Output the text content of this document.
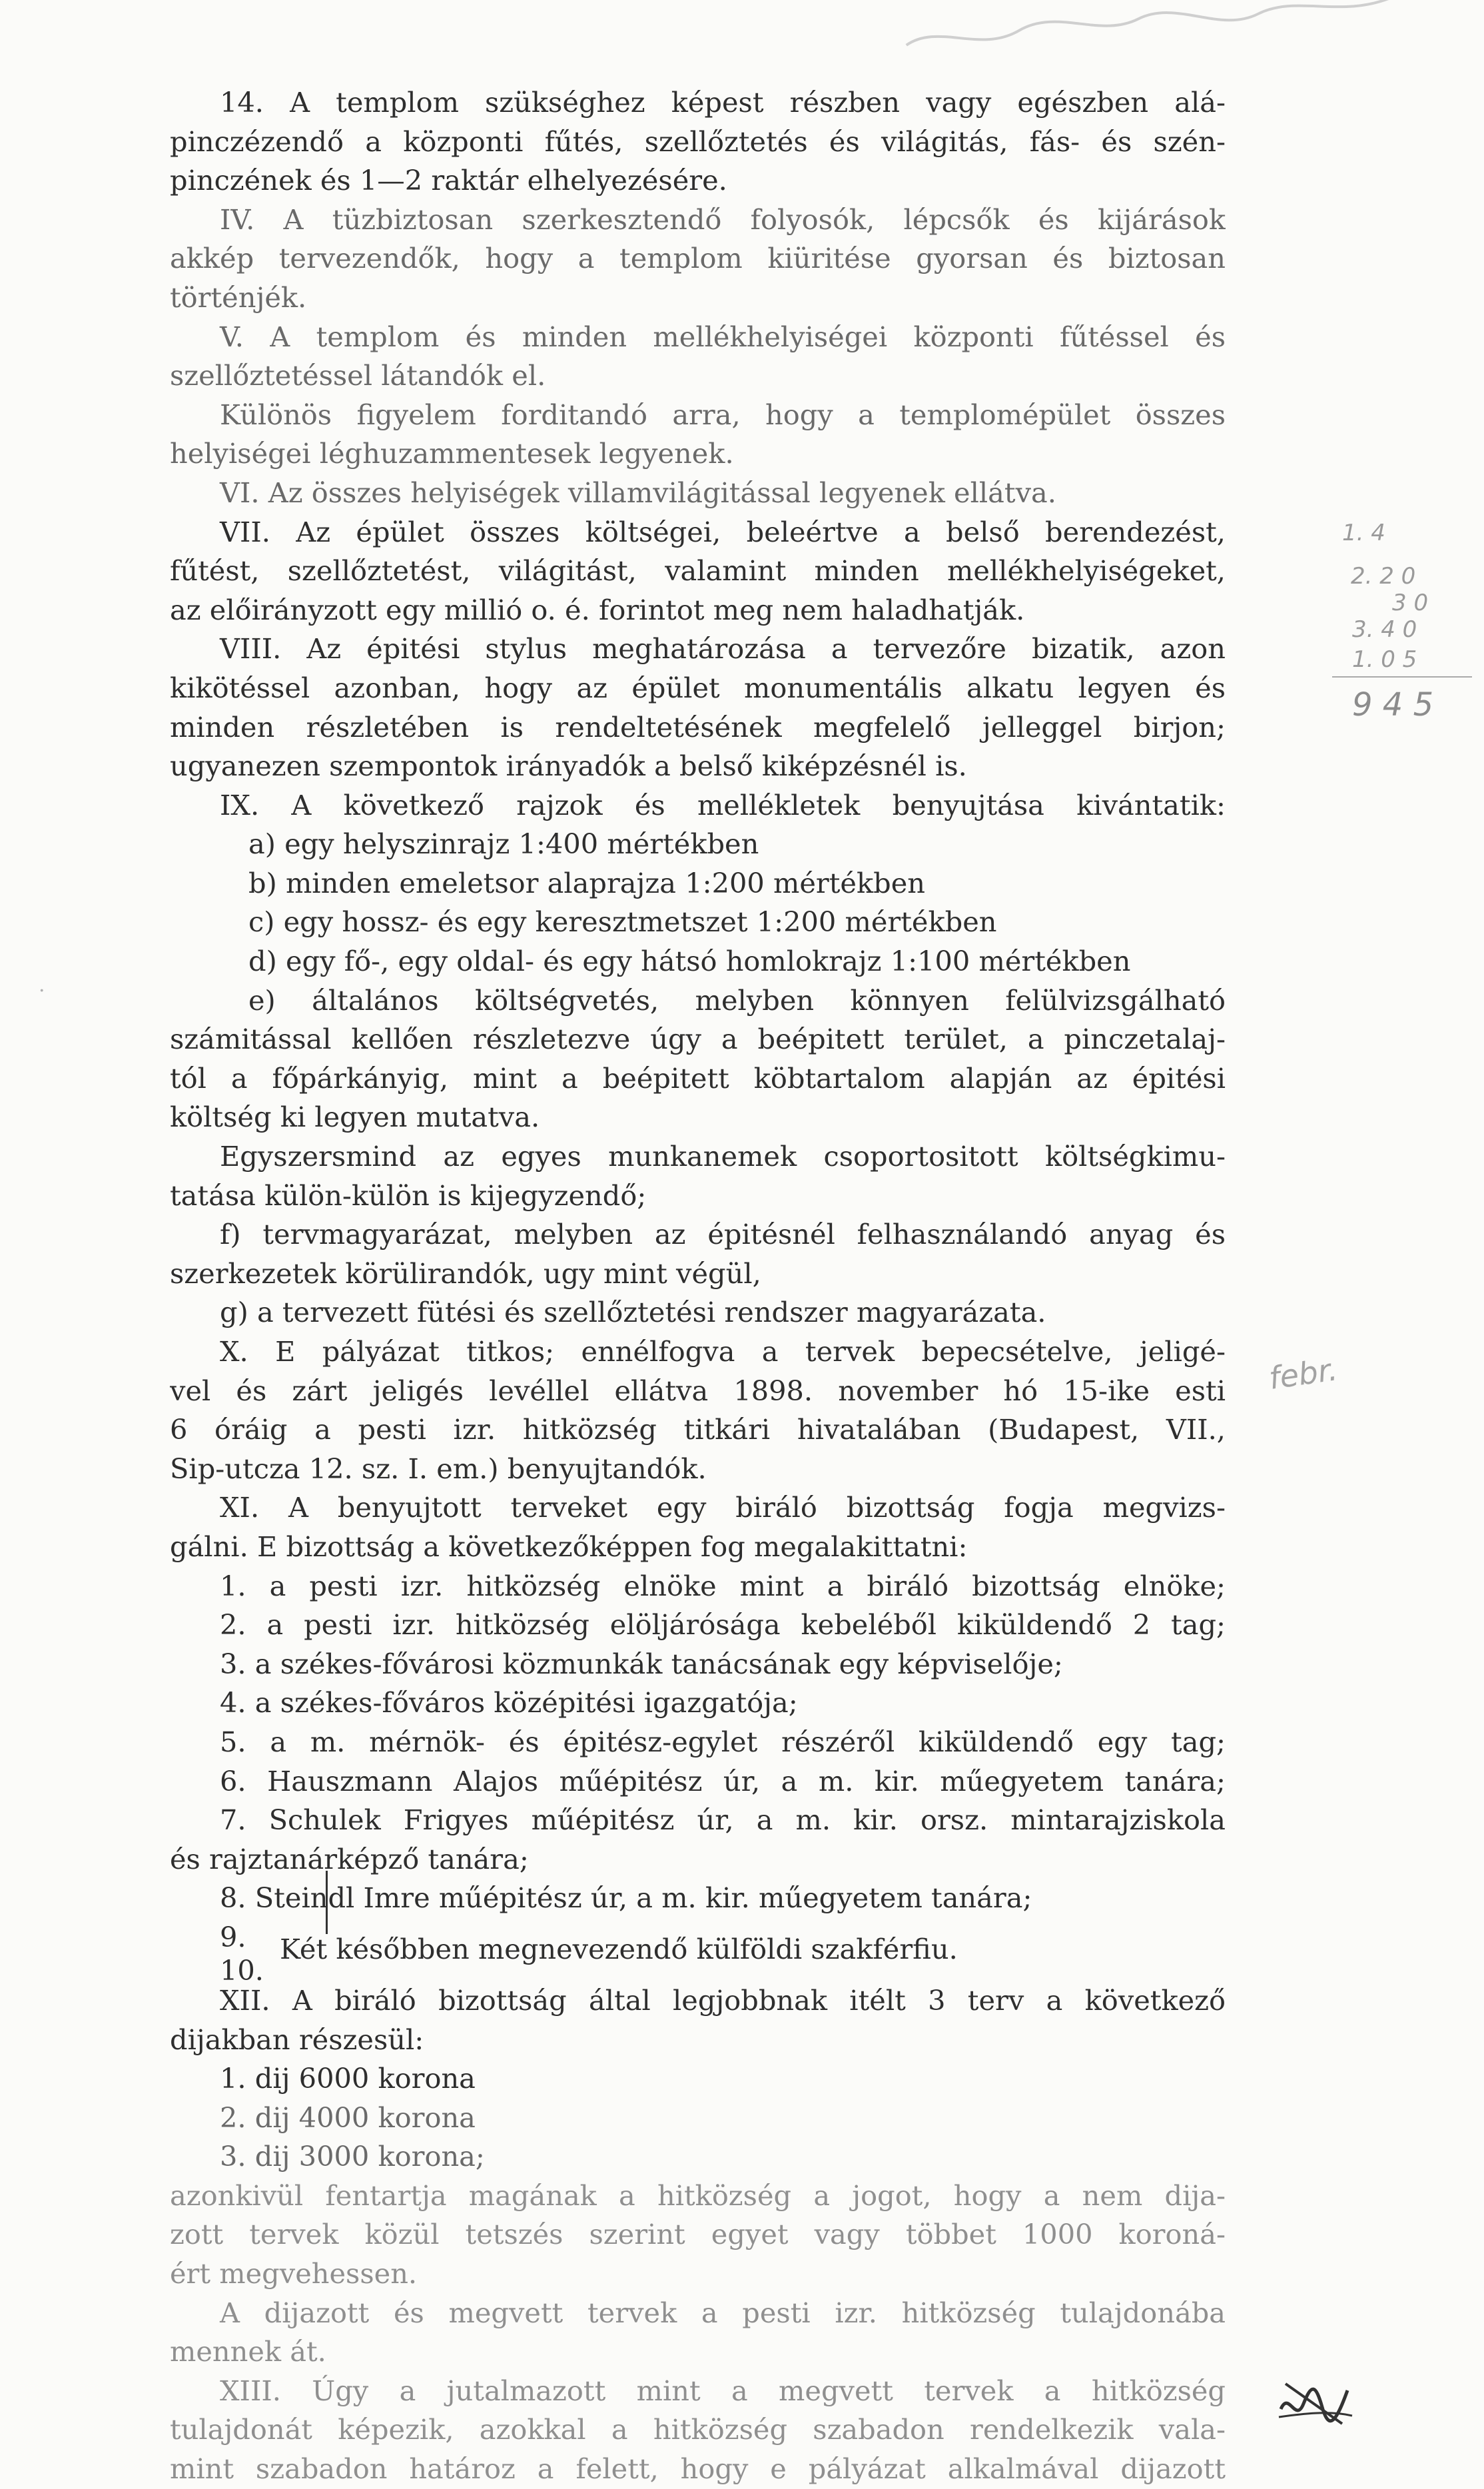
14. A templom szükséghez képest részben vagy egészben alá-
pinczézendő a központi fűtés, szellőztetés és világitás, fás- és szén-
pinczének és 1—2 raktár elhelyezésére.
IV. A tüzbiztosan szerkesztendő folyosók, lépcsők és kijárások
akkép tervezendők, hogy a templom kiüritése gyorsan és biztosan
történjék.
V. A templom és minden mellékhelyiségei központi fűtéssel és
szellőztetéssel látandók el.
Különös figyelem forditandó arra, hogy a templomépület összes
helyiségei léghuzammentesek legyenek.
VI. Az összes helyiségek villamvilágitással legyenek ellátva.
VII. Az épület összes költségei, beleértve a belső berendezést,
fűtést, szellőztetést, világitást, valamint minden mellékhelyiségeket,
az előirányzott egy millió o. é. forintot meg nem haladhatják.
VIII. Az épitési stylus meghatározása a tervezőre bizatik, azon
kikötéssel azonban, hogy az épület monumentális alkatu legyen és
minden részletében is rendeltetésének megfelelő jelleggel birjon;
ugyanezen szempontok irányadók a belső kiképzésnél is.
IX. A következő rajzok és mellékletek benyujtása kivántatik:
a) egy helyszinrajz 1:400 mértékben
b) minden emeletsor alaprajza 1:200 mértékben
c) egy hossz- és egy keresztmetszet 1:200 mértékben
d) egy fő-, egy oldal- és egy hátsó homlokrajz 1:100 mértékben
e) általános költségvetés, melyben könnyen felülvizsgálható
számitással kellően részletezve úgy a beépitett terület, a pinczetalaj-
tól a főpárkányig, mint a beépitett köbtartalom alapján az épitési
költség ki legyen mutatva.
Egyszersmind az egyes munkanemek csoportositott költségkimu-
tatása külön-külön is kijegyzendő;
f) tervmagyarázat, melyben az épitésnél felhasználandó anyag és
szerkezetek körülirandók, ugy mint végül,
g) a tervezett fütési és szellőztetési rendszer magyarázata.
X. E pályázat titkos; ennélfogva a tervek bepecsételve, jeligé-
vel és zárt jeligés levéllel ellátva 1898. november hó 15-ike esti
6 óráig a pesti izr. hitközség titkári hivatalában (Budapest, VII.,
Sip-utcza 12. sz. I. em.) benyujtandók.
XI. A benyujtott terveket egy biráló bizottság fogja megvizs-
gálni. E bizottság a következőképpen fog megalakittatni:
1. a pesti izr. hitközség elnöke mint a biráló bizottság elnöke;
2. a pesti izr. hitközség elöljárósága kebeléből kiküldendő 2 tag;
3. a székes-fővárosi közmunkák tanácsának egy képviselője;
4. a székes-főváros középitési igazgatója;
5. a m. mérnök- és épitész-egylet részéről kiküldendő egy tag;
6. Hauszmann Alajos műépitész úr, a m. kir. műegyetem tanára;
7. Schulek Frigyes műépitész úr, a m. kir. orsz. mintarajziskola
és rajztanárképző tanára;
8. Steindl Imre műépitész úr, a m. kir. műegyetem tanára;
9. Két későbben megnevezendő külföldi szakférfiu.
10.
XII. A biráló bizottság által legjobbnak itélt 3 terv a következő
dijakban részesül:
1. dij 6000 korona
2. dij 4000 korona
3. dij 3000 korona;
azonkivül fentartja magának a hitközség a jogot, hogy a nem dija-
zott tervek közül tetszés szerint egyet vagy többet 1000 koroná-
ért megvehessen.
A dijazott és megvett tervek a pesti izr. hitközség tulajdonába
mennek át.
XIII. Úgy a jutalmazott mint a megvett tervek a hitközség
tulajdonát képezik, azokkal a hitközség szabadon rendelkezik vala-
mint szabadon határoz a felett, hogy e pályázat alkalmával dijazott
1. 4
2. 2 0
3 0
3. 4 0
1. 0 5
9 4 5
febr.
·
